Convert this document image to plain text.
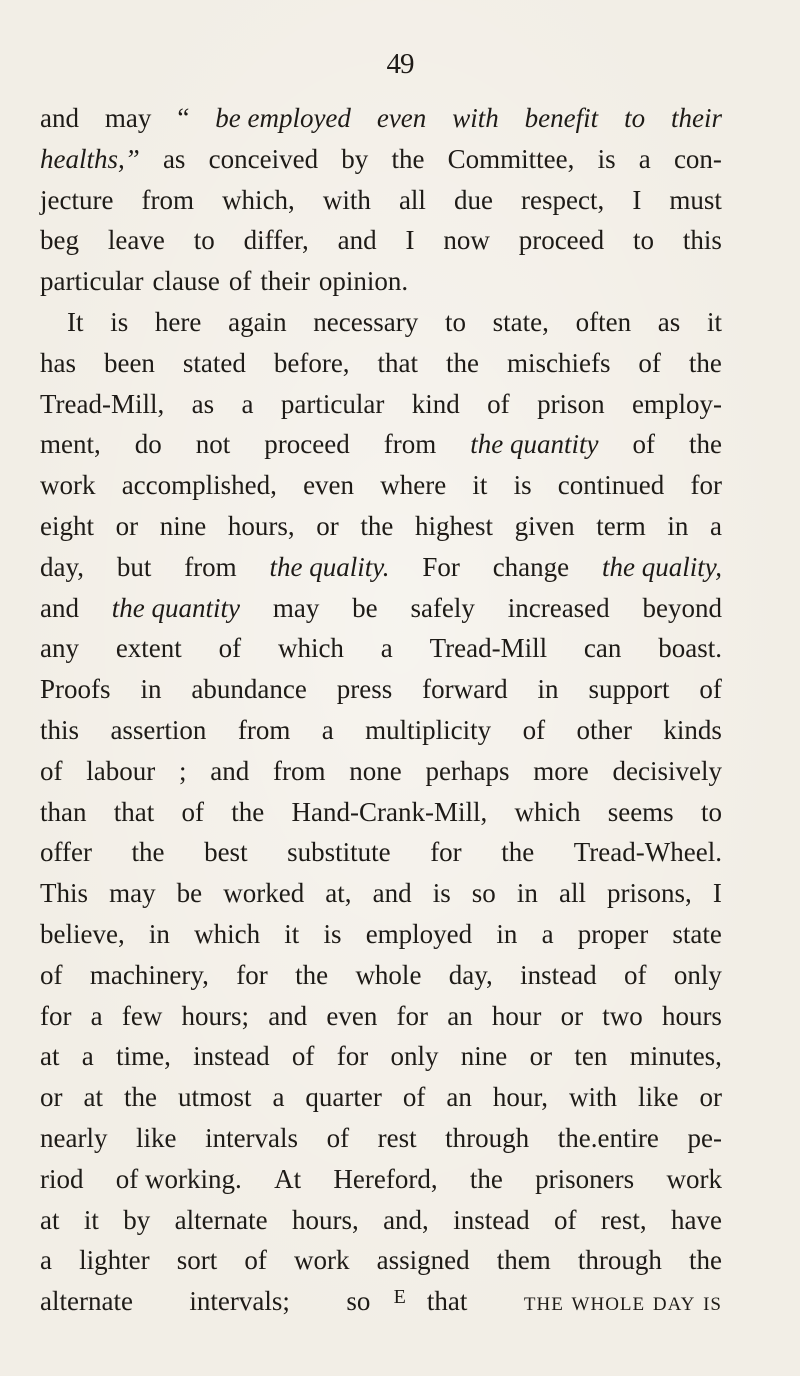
49
and may “ be employed even with benefit to their
healths,” as conceived by the Committee, is a con-
jecture from which, with all due respect, I must
beg leave to differ, and I now proceed to this
particular clause of their opinion.
It is here again necessary to state, often as it
has been stated before, that the mischiefs of the
Tread-Mill, as a particular kind of prison employ-
ment, do not proceed from the quantity of the
work accomplished, even where it is continued for
eight or nine hours, or the highest given term in a
day, but from the quality. For change the quality,
and the quantity may be safely increased beyond
any extent of which a Tread-Mill can boast.
Proofs in abundance press forward in support of
this assertion from a multiplicity of other kinds
of labour ; and from none perhaps more decisively
than that of the Hand-Crank-Mill, which seems to
offer the best substitute for the Tread-Wheel.
This may be worked at, and is so in all prisons, I
believe, in which it is employed in a proper state
of machinery, for the whole day, instead of only
for a few hours; and even for an hour or two hours
at a time, instead of for only nine or ten minutes,
or at the utmost a quarter of an hour, with like or
nearly like intervals of rest through the.entire pe-
riod of working. At Hereford, the prisoners work
at it by alternate hours, and, instead of rest, have
a lighter sort of work assigned them through the
alternate intervals; so that the whole day is
E
